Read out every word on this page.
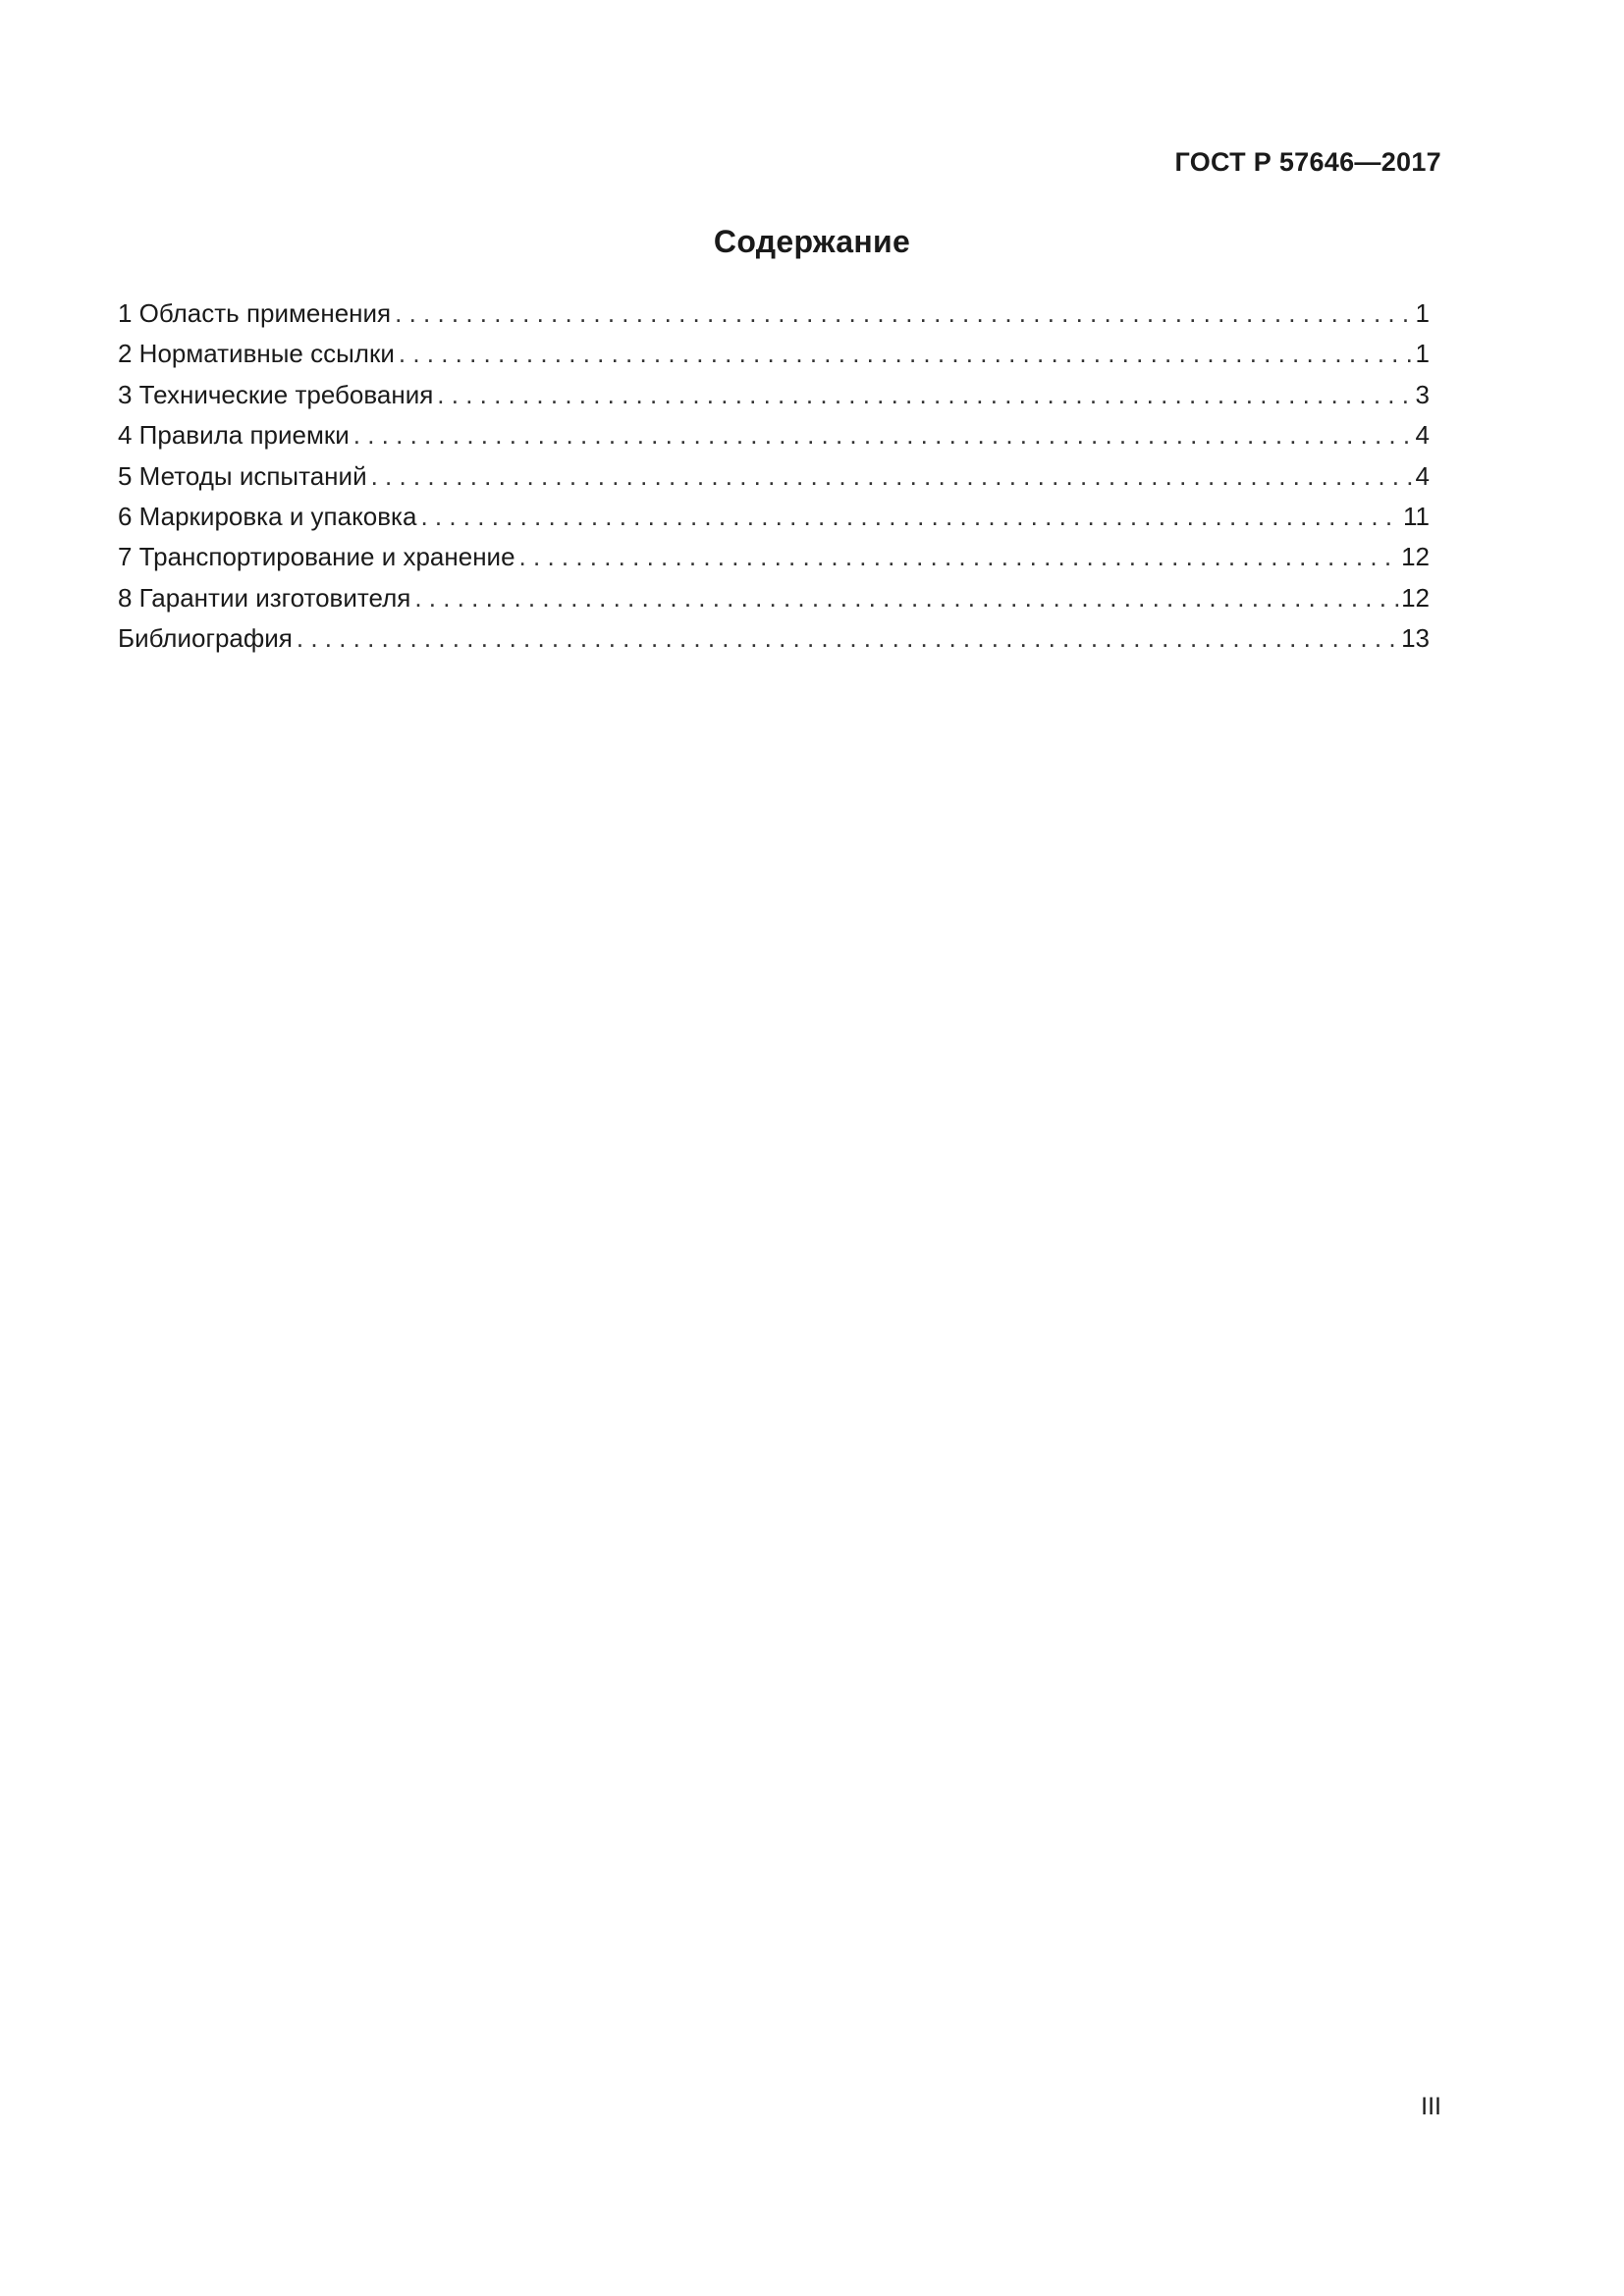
ГОСТ Р 57646—2017
Содержание
1 Область применения . . .	1
2 Нормативные ссылки . . .	1
3 Технические требования . . .	3
4 Правила приемки . . .	4
5 Методы испытаний . . .	4
6 Маркировка и упаковка . . .	11
7 Транспортирование и хранение . . .	12
8 Гарантии изготовителя . . .	12
Библиография . . .	13
III
